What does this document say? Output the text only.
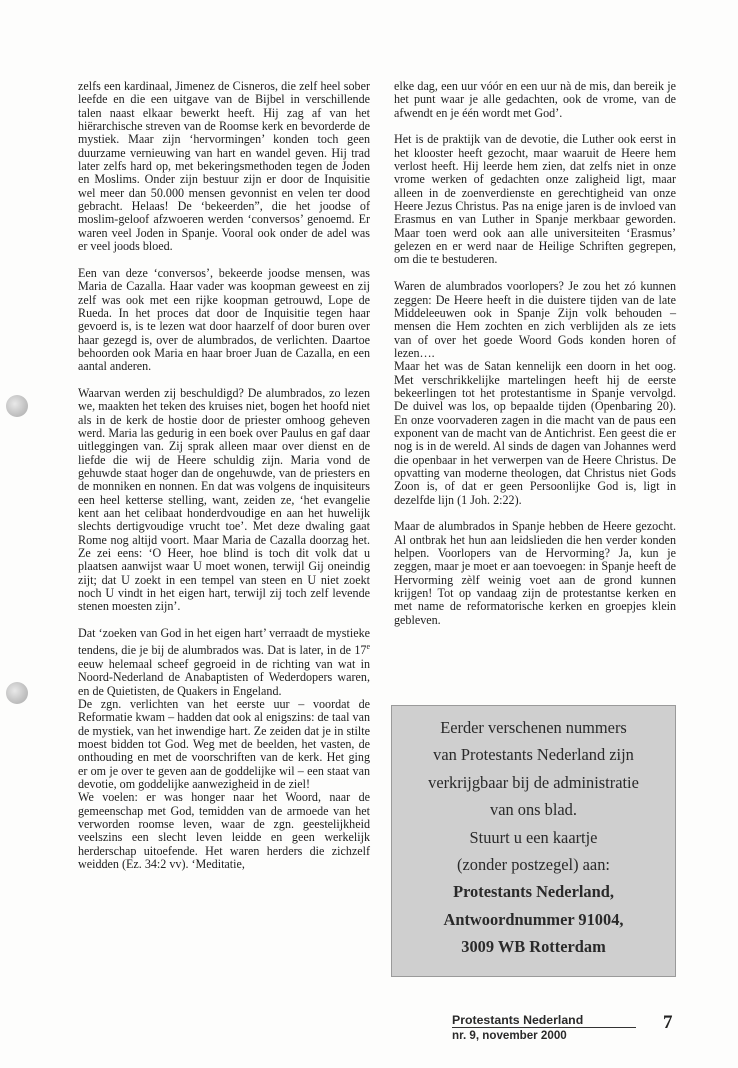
zelfs een kardinaal, Jimenez de Cisneros, die zelf heel sober leefde en die een uitgave van de Bijbel in verschillende talen naast elkaar bewerkt heeft. Hij zag af van het hiërarchische streven van de Roomse kerk en bevorderde de mystiek. Maar zijn ‘hervormingen’ konden toch geen duurzame vernieuwing van hart en wandel geven. Hij trad later zelfs hard op, met bekeringsmethoden tegen de Joden en Moslims. Onder zijn bestuur zijn er door de Inquisitie wel meer dan 50.000 mensen gevonnist en velen ter dood gebracht. Helaas! De ‘bekeerden”, die het joodse of moslim-geloof afzwoeren werden ‘conversos’ genoemd. Er waren veel Joden in Spanje. Vooral ook onder de adel was er veel joods bloed.

Een van deze ‘conversos’, bekeerde joodse mensen, was Maria de Cazalla. Haar vader was koopman geweest en zij zelf was ook met een rijke koopman getrouwd, Lope de Rueda. In het proces dat door de Inquisitie tegen haar gevoerd is, is te lezen wat door haarzelf of door buren over haar gezegd is, over de alumbrados, de verlichten. Daartoe behoorden ook Maria en haar broer Juan de Cazalla, en een aantal anderen.

Waarvan werden zij beschuldigd? De alumbrados, zo lezen we, maakten het teken des kruises niet, bogen het hoofd niet als in de kerk de hostie door de priester omhoog geheven werd. Maria las gedurig in een boek over Paulus en gaf daar uitleggingen van. Zij sprak alleen maar over dienst en de liefde die wij de Heere schuldig zijn. Maria vond de gehuwde staat hoger dan de ongehuwde, van de priesters en de monniken en nonnen. En dat was volgens de inquisiteurs een heel ketterse stelling, want, zeiden ze, ‘het evangelie kent aan het celibaat honderdvoudige en aan het huwelijk slechts dertigvoudige vrucht toe’. Met deze dwaling gaat Rome nog altijd voort. Maar Maria de Cazalla doorzag het. Ze zei eens: ‘O Heer, hoe blind is toch dit volk dat u plaatsen aanwijst waar U moet wonen, terwijl Gij oneindig zijt; dat U zoekt in een tempel van steen en U niet zoekt noch U vindt in het eigen hart, terwijl zij toch zelf levende stenen moesten zijn’.

Dat ‘zoeken van God in het eigen hart’ verraadt de mystieke tendens, die je bij de alumbrados was. Dat is later, in de 17e eeuw helemaal scheef gegroeid in de richting van wat in Noord-Nederland de Anabaptisten of Wederdopers waren, en de Quietisten, de Quakers in Engeland.

De zgn. verlichten van het eerste uur – voordat de Reformatie kwam – hadden dat ook al enigszins: de taal van de mystiek, van het inwendige hart. Ze zeiden dat je in stilte moest bidden tot God. Weg met de beelden, het vasten, de onthouding en met de voorschriften van de kerk. Het ging er om je over te geven aan de goddelijke wil – een staat van devotie, om goddelijke aanwezigheid in de ziel!

We voelen: er was honger naar het Woord, naar de gemeenschap met God, temidden van de armoede van het verworden roomse leven, waar de zgn. geestelijkheid veelszins een slecht leven leidde en geen werkelijk herderschap uitoefende. Het waren herders die zichzelf weidden (Ez. 34:2 vv). ‘Meditatie,

elke dag, een uur vóór en een uur nà de mis, dan bereik je het punt waar je alle gedachten, ook de vrome, van de afwendt en je één wordt met God’.

Het is de praktijk van de devotie, die Luther ook eerst in het klooster heeft gezocht, maar waaruit de Heere hem verlost heeft. Hij leerde hem zien, dat zelfs niet in onze vrome werken of gedachten onze zaligheid ligt, maar alleen in de zoenverdienste en gerechtigheid van onze Heere Jezus Christus. Pas na enige jaren is de invloed van Erasmus en van Luther in Spanje merkbaar geworden. Maar toen werd ook aan alle universiteiten ‘Erasmus’ gelezen en er werd naar de Heilige Schriften gegrepen, om die te bestuderen.

Waren de alumbrados voorlopers? Je zou het zó kunnen zeggen: De Heere heeft in die duistere tijden van de late Middeleeuwen ook in Spanje Zijn volk behouden – mensen die Hem zochten en zich verblijden als ze iets van of over het goede Woord Gods konden horen of lezen….

Maar het was de Satan kennelijk een doorn in het oog. Met verschrikkelijke martelingen heeft hij de eerste bekeerlingen tot het protestantisme in Spanje vervolgd. De duivel was los, op bepaalde tijden (Openbaring 20). En onze voorvaderen zagen in die macht van de paus een exponent van de macht van de Antichrist. Een geest die er nog is in de wereld. Al sinds de dagen van Johannes werd die openbaar in het verwerpen van de Heere Christus. De opvatting van moderne theologen, dat Christus niet Gods Zoon is, of dat er geen Persoonlijke God is, ligt in dezelfde lijn (1 Joh. 2:22).

Maar de alumbrados in Spanje hebben de Heere gezocht. Al ontbrak het hun aan leidslieden die hen verder konden helpen. Voorlopers van de Hervorming? Ja, kun je zeggen, maar je moet er aan toevoegen: in Spanje heeft de Hervorming zèlf weinig voet aan de grond kunnen krijgen! Tot op vandaag zijn de protestantse kerken en met name de reformatorische kerken en groepjes klein gebleven.

Eerder verschenen nummers
van Protestants Nederland zijn
verkrijgbaar bij de administratie
van ons blad.
Stuurt u een kaartje
(zonder postzegel) aan:
Protestants Nederland,
Antwoordnummer 91004,
3009 WB Rotterdam
Protestants Nederland
nr. 9, november 2000
7
